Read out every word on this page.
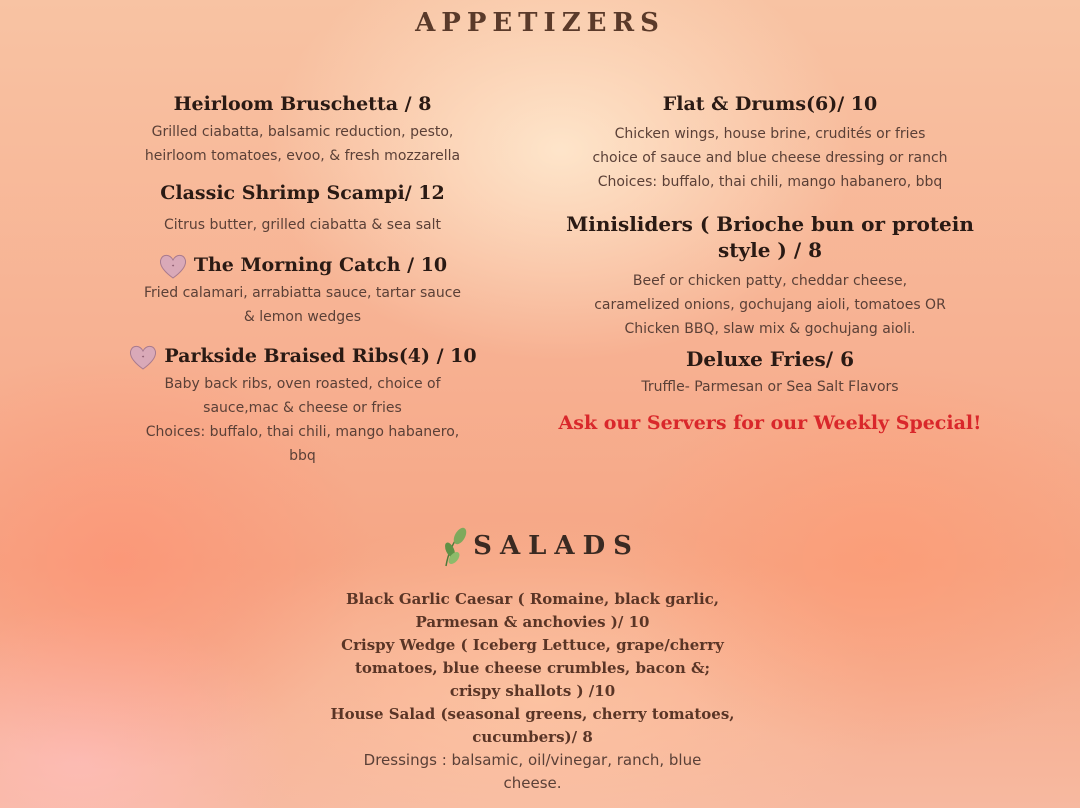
APPETIZERS
Heirloom Bruschetta / 8
Grilled ciabatta, balsamic reduction, pesto,
heirloom tomatoes, evoo, & fresh mozzarella
Classic Shrimp Scampi/ 12
Citrus butter, grilled ciabatta & sea salt
✦ The Morning Catch / 10
Fried calamari, arrabiatta sauce, tartar sauce
& lemon wedges
✦ Parkside Braised Ribs(4) / 10
Baby back ribs, oven roasted, choice of
sauce,mac & cheese or fries
Choices: buffalo, thai chili, mango habanero,
bbq
Flat & Drums(6)/ 10
Chicken wings, house brine, crudités or fries
choice of sauce and blue cheese dressing or ranch
Choices: buffalo, thai chili, mango habanero, bbq
Minisliders ( Brioche bun or protein
style ) / 8
Beef or chicken patty, cheddar cheese,
caramelized onions, gochujang aioli, tomatoes OR
Chicken BBQ, slaw mix & gochujang aioli.
Deluxe Fries/ 6
Truffle- Parmesan or Sea Salt Flavors
Ask our Servers for our Weekly Special!
SALADS
Black Garlic Caesar ( Romaine, black garlic,
Parmesan & anchovies )/ 10
Crispy Wedge ( Iceberg Lettuce, grape/cherry
tomatoes, blue cheese crumbles, bacon &;
crispy shallots ) /10
House Salad (seasonal greens, cherry tomatoes,
cucumbers)/ 8
Dressings : balsamic, oil/vinegar, ranch, blue
cheese.
